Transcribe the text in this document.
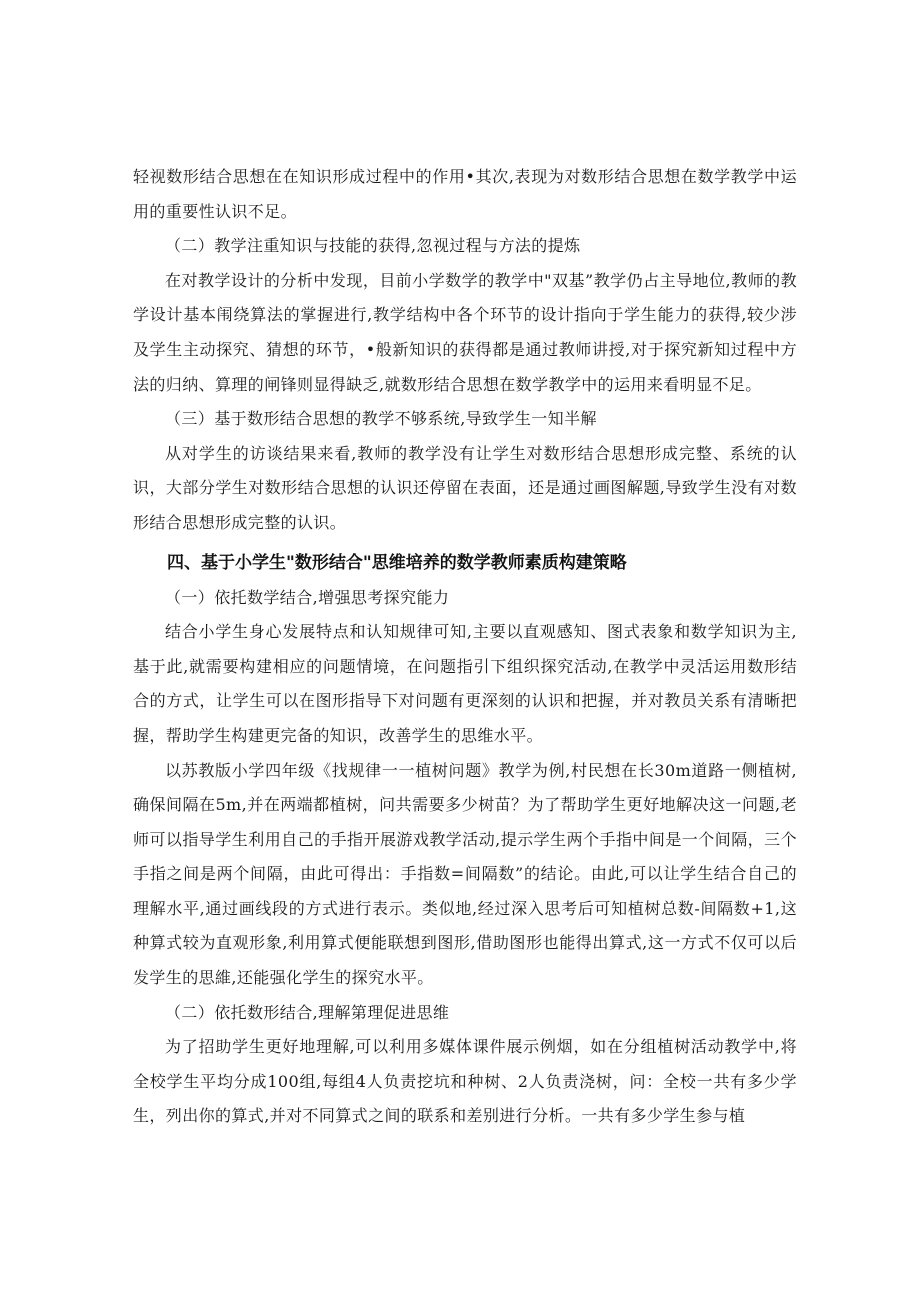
轻视数形结合思想在在知识形成过程中的作用•其次,表现为对数形结合思想在数学教学中运用的重要性认识不足。

（二）教学注重知识与技能的获得,忽视过程与方法的提炼

在对教学设计的分析中发现，目前小学数学的教学中"双基”教学仍占主导地位,教师的教学设计基本闱绕算法的掌握进行,教学结构中各个环节的设计指向于学生能力的获得,较少涉及学生主动探究、猜想的环节，•般新知识的获得都是通过教师讲授,对于探究新知过程中方法的归纳、算理的闸锋则显得缺乏,就数形结合思想在数学教学中的运用来看明显不足。

（三）基于数形结合思想的教学不够系统,导致学生一知半解

从对学生的访谈结果来看,教师的教学没有让学生对数形结合思想形成完整、系统的认识，大部分学生对数形结合思想的认识还停留在表面，还是通过画图解题,导致学生没有对数形结合思想形成完整的认识。

四、基于小学生"数形结合"思维培养的数学教师素质构建策略

（一）依托数学结合,增强思考探究能力

结合小学生身心发展特点和认知规律可知,主要以直观感知、图式表象和数学知识为主,基于此,就需要构建相应的问题情境，在问题指引下组织探究活动,在教学中灵活运用数形结合的方式，让学生可以在图形指导下对问题有更深刻的认识和把握，并对教员关系有清晰把握，帮助学生构建更完备的知识，改善学生的思维水平。

以苏教版小学四年级《找规律一一植树问题》教学为例,村民想在长30m道路一侧植树,确保间隔在5m,并在两端都植树，问共需要多少树苗？为了帮助学生更好地解决这一问题,老师可以指导学生利用自己的手指开展游戏教学活动,提示学生两个手指中间是一个间隔，三个手指之间是两个间隔，由此可得出：手指数=间隔数”的结论。由此,可以让学生结合自己的理解水平,通过画线段的方式进行表示。类似地,经过深入思考后可知植树总数-间隔数+1,这种算式较为直观形象,利用算式便能联想到图形,借助图形也能得出算式,这一方式不仅可以后发学生的思維,还能强化学生的探究水平。

（二）依托数形结合,理解第理促进思维

为了招助学生更好地理解,可以利用多媒体课件展示例烟，如在分组植树活动教学中,将全校学生平均分成100组,每组4人负责挖坑和种树、2人负责浇树，问：全校一共有多少学生，列出你的算式,并对不同算式之间的联系和差别进行分析。一共有多少学生参与植
